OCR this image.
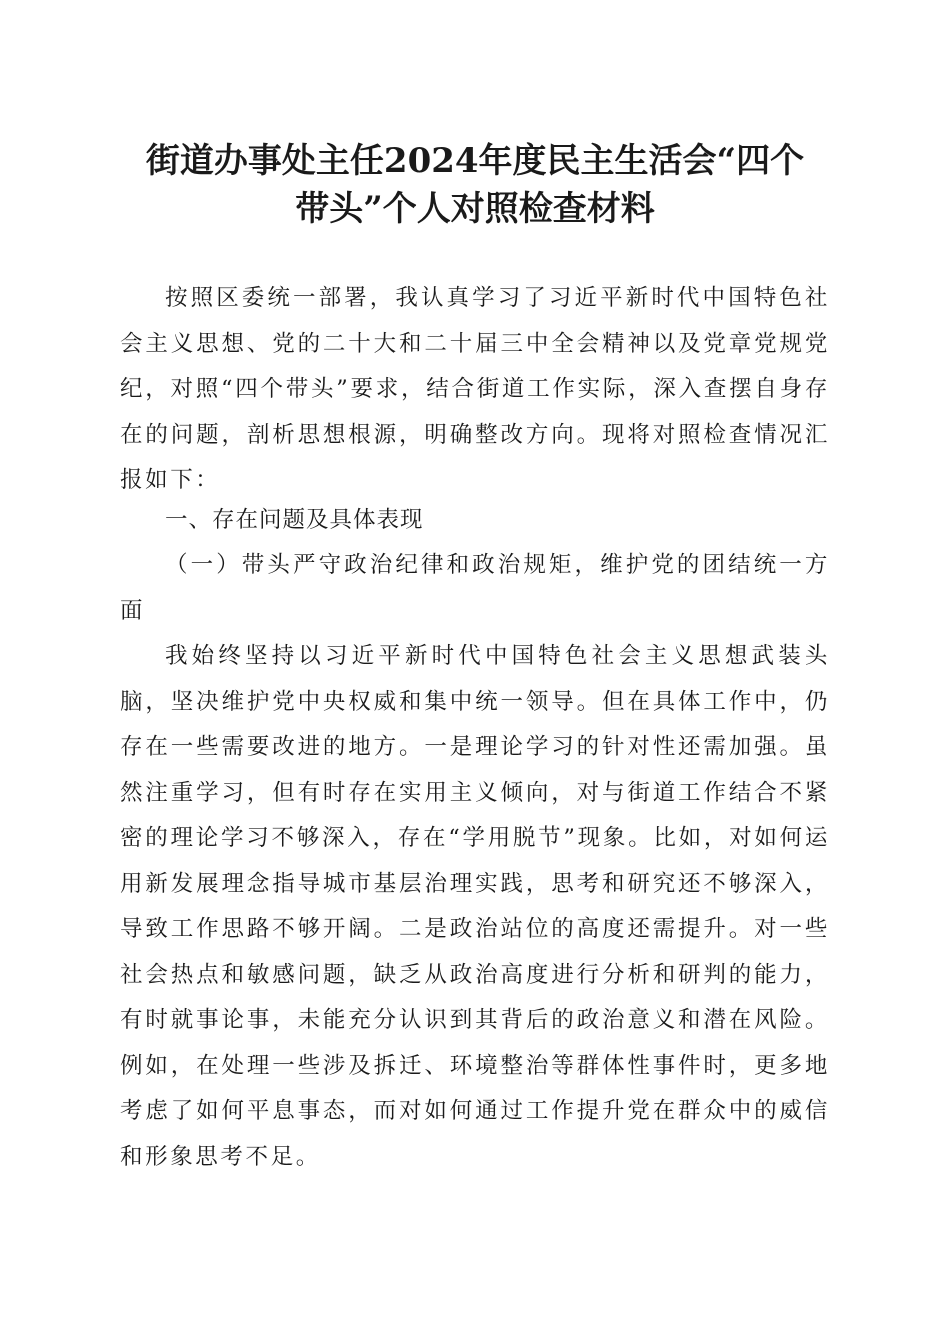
街道办事处主任2024年度民主生活会“四个
带头”个人对照检查材料

按照区委统一部署，我认真学习了习近平新时代中国特色社会主义思想、党的二十大和二十届三中全会精神以及党章党规党纪，对照“四个带头”要求，结合街道工作实际，深入查摆自身存在的问题，剖析思想根源，明确整改方向。现将对照检查情况汇报如下：

一、存在问题及具体表现

（一）带头严守政治纪律和政治规矩，维护党的团结统一方面

我始终坚持以习近平新时代中国特色社会主义思想武装头脑，坚决维护党中央权威和集中统一领导。但在具体工作中，仍存在一些需要改进的地方。一是理论学习的针对性还需加强。虽然注重学习，但有时存在实用主义倾向，对与街道工作结合不紧密的理论学习不够深入，存在“学用脱节”现象。比如，对如何运用新发展理念指导城市基层治理实践，思考和研究还不够深入，导致工作思路不够开阔。二是政治站位的高度还需提升。对一些社会热点和敏感问题，缺乏从政治高度进行分析和研判的能力，有时就事论事，未能充分认识到其背后的政治意义和潜在风险。例如，在处理一些涉及拆迁、环境整治等群体性事件时，更多地考虑了如何平息事态，而对如何通过工作提升党在群众中的威信和形象思考不足。
